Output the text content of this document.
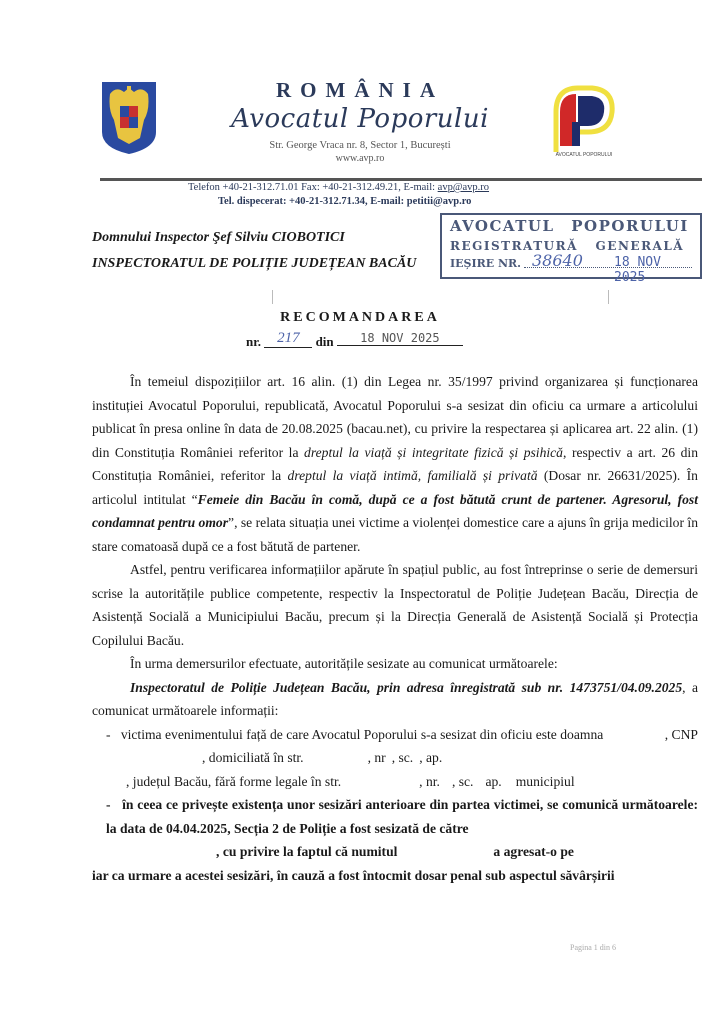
ROMÂNIA
Avocatul Poporului
Str. George Vraca nr. 8, Sector 1, București
www.avp.ro	AVOCATUL POPORULUI
Telefon +40-21-312.71.01 Fax: +40-21-312.49.21, E-mail: avp@avp.ro
Tel. dispecerat: +40-21-312.71.34, E-mail: petitii@avp.ro
Domnului Inspector Şef Silviu CIOBOTICI
INSPECTORATUL DE POLIȚIE JUDEȚEAN BACĂU
AVOCATUL POPORULUI
REGISTRATURĂ GENERALĂ
IEȘIRE NR. 38640 18 NOV 2025
RECOMANDAREA
nr. 217 din 18 NOV 2025

În temeiul dispozițiilor art. 16 alin. (1) din Legea nr. 35/1997 privind organizarea și funcționarea instituției Avocatul Poporului, republicată, Avocatul Poporului s-a sesizat din oficiu ca urmare a articolului publicat în presa online în data de 20.08.2025 (bacau.net), cu privire la respectarea și aplicarea art. 22 alin. (1) din Constituția României referitor la dreptul la viață și integritate fizică și psihică, respectiv a art. 26 din Constituția României, referitor la dreptul la viață intimă, familială și privată (Dosar nr. 26631/2025). În articolul intitulat “Femeie din Bacău în comă, după ce a fost bătută crunt de partener. Agresorul, fost condamnat pentru omor”, se relata situația unei victime a violenței domestice care a ajuns în grija medicilor în stare comatoasă după ce a fost bătută de partener.

Astfel, pentru verificarea informațiilor apărute în spațiul public, au fost întreprinse o serie de demersuri scrise la autoritățile publice competente, respectiv la Inspectoratul de Poliție Județean Bacău, Direcția de Asistență Socială a Municipiului Bacău, precum și la Direcția Generală de Asistență Socială și Protecția Copilului Bacău.

În urma demersurilor efectuate, autoritățile sesizate au comunicat următoarele:

Inspectoratul de Poliție Județean Bacău, prin adresa înregistrată sub nr. 1473751/04.09.2025, a comunicat următoarele informații:

- victima evenimentului față de care Avocatul Poporului s-a sesizat din oficiu este doamna	, CNP, domiciliată în str.	, nr , sc. , ap.
, județul Bacău, fără forme legale în str.	, nr. , sc. ap. municipiul

- în ceea ce privește existența unor sesizări anterioare din partea victimei, se comunică următoarele: la data de 04.04.2025, Secția 2 de Poliție a fost sesizată de către

, cu privire la faptul că numitul	a agresat-o pe

iar ca urmare a acestei sesizări, în cauză a fost întocmit dosar penal sub aspectul săvârșirii

Pagina 1 din 6
